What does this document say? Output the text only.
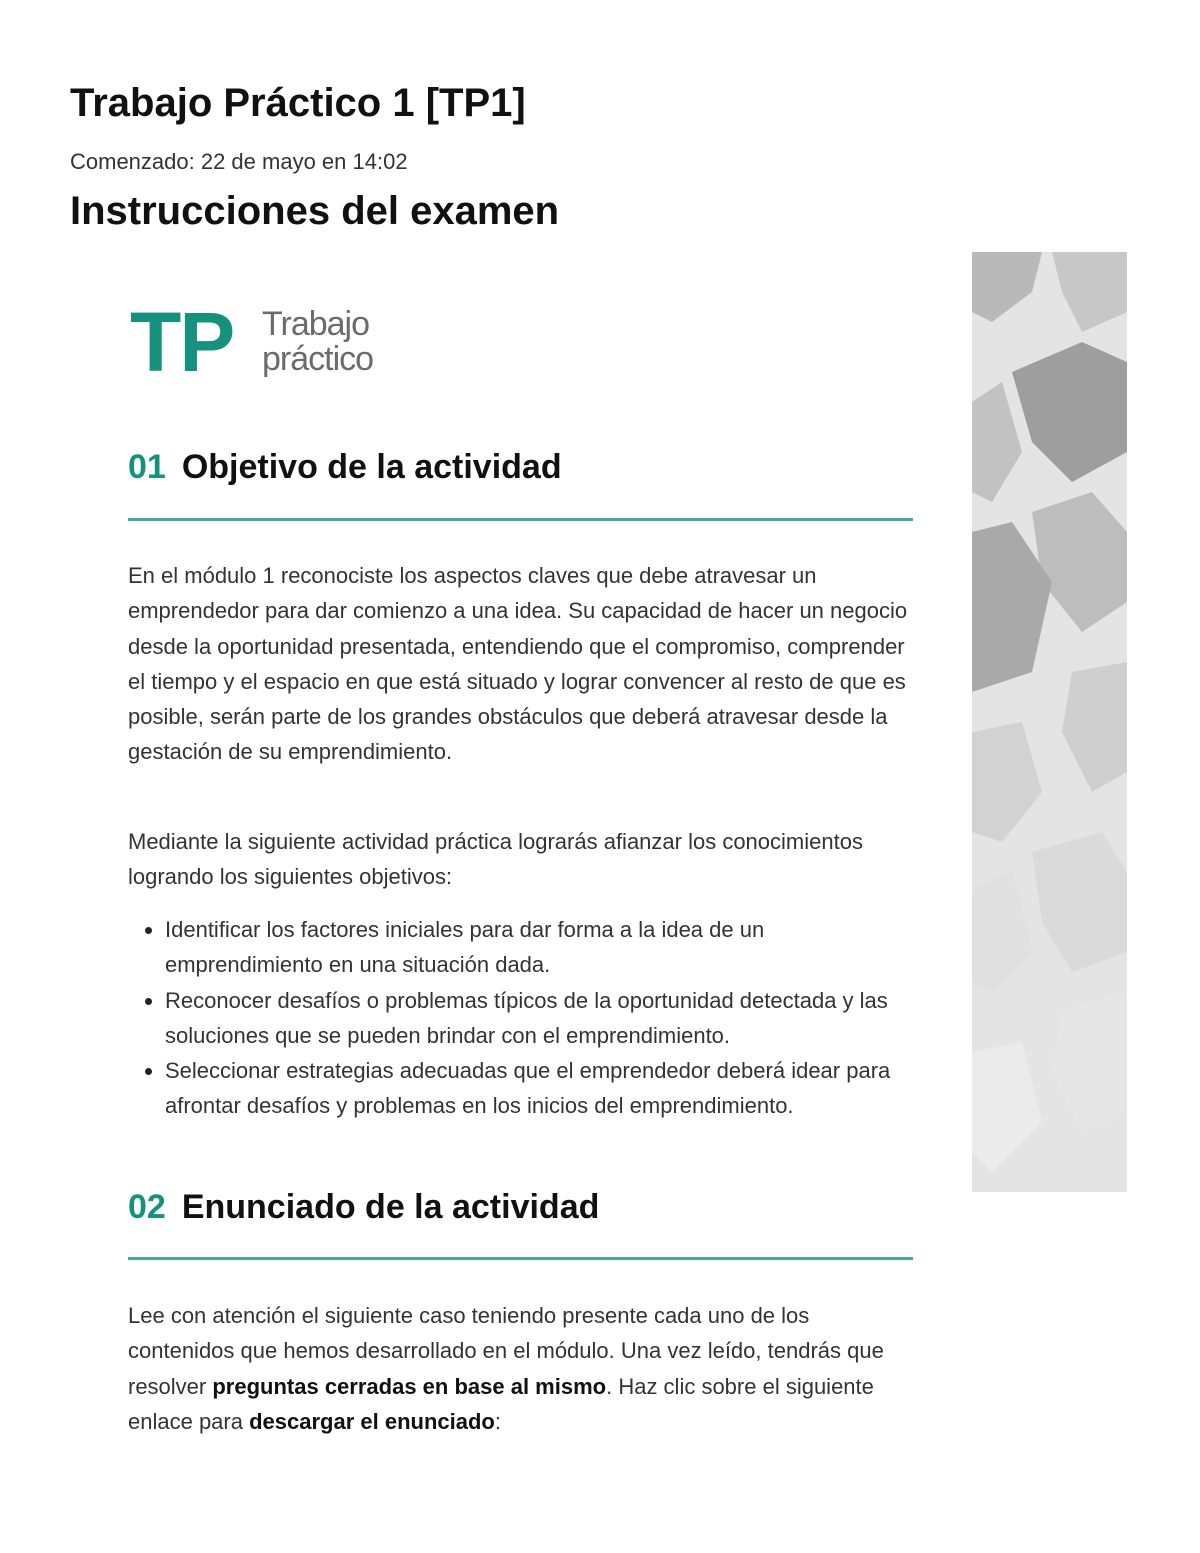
Trabajo Práctico 1 [TP1]
Comenzado: 22 de mayo en 14:02
Instrucciones del examen
TP Trabajo
práctico
01 Objetivo de la actividad

En el módulo 1 reconociste los aspectos claves que debe atravesar un emprendedor para dar comienzo a una idea. Su capacidad de hacer un negocio desde la oportunidad presentada, entendiendo que el compromiso, comprender el tiempo y el espacio en que está situado y lograr convencer al resto de que es posible, serán parte de los grandes obstáculos que deberá atravesar desde la gestación de su emprendimiento.

Mediante la siguiente actividad práctica lograrás afianzar los conocimientos logrando los siguientes objetivos:

Identificar los factores iniciales para dar forma a la idea de un emprendimiento en una situación dada.
Reconocer desafíos o problemas típicos de la oportunidad detectada y las soluciones que se pueden brindar con el emprendimiento.
Seleccionar estrategias adecuadas que el emprendedor deberá idear para afrontar desafíos y problemas en los inicios del emprendimiento.
02 Enunciado de la actividad

Lee con atención el siguiente caso teniendo presente cada uno de los contenidos que hemos desarrollado en el módulo. Una vez leído, tendrás que resolver preguntas cerradas en base al mismo. Haz clic sobre el siguiente enlace para descargar el enunciado:
